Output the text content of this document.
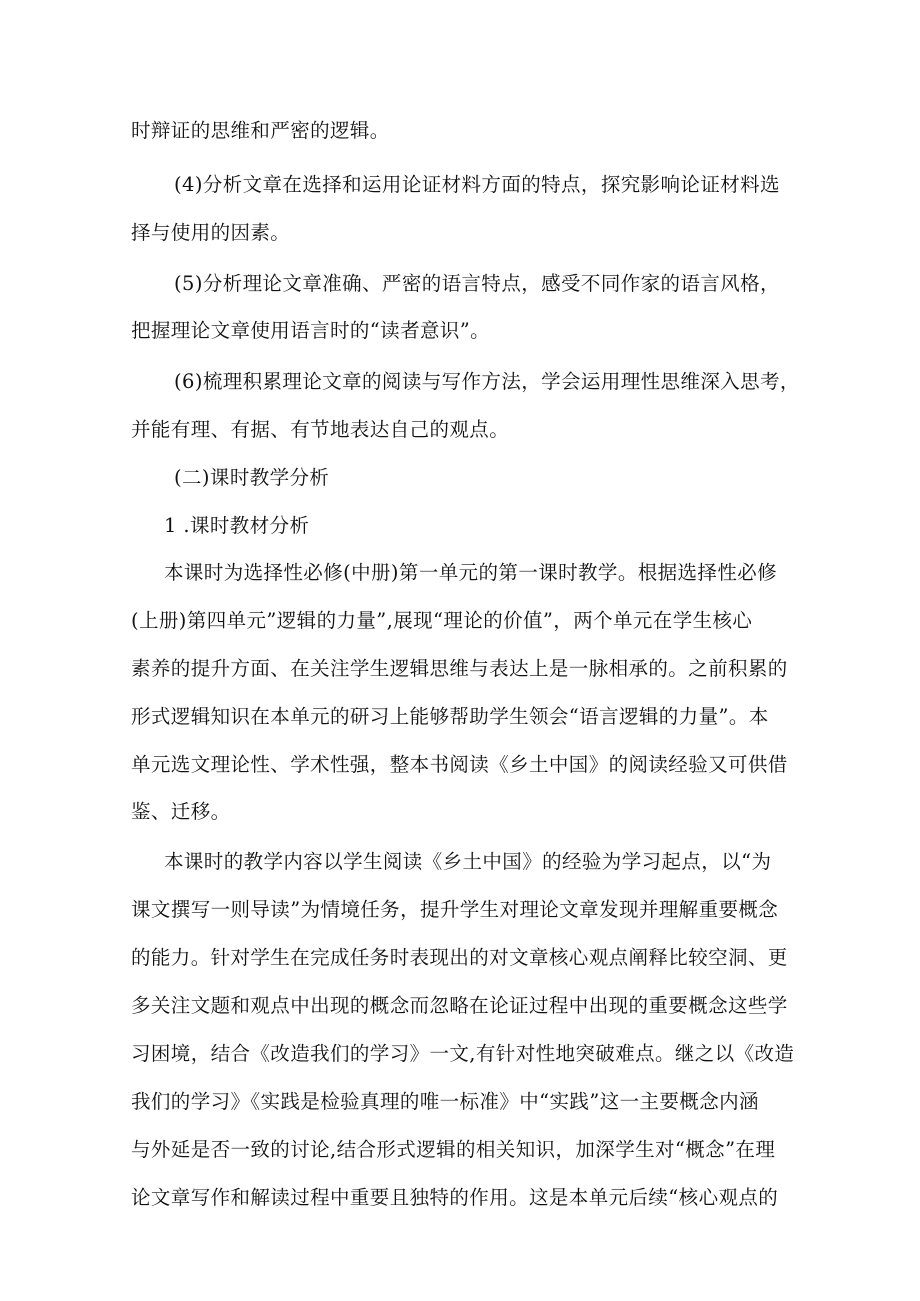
时辩证的思维和严密的逻辑。
(4)分析文章在选择和运用论证材料方面的特点，探究影响论证材料选
择与使用的因素。
(5)分析理论文章准确、严密的语言特点，感受不同作家的语言风格，
把握理论文章使用语言时的“读者意识”。
(6)梳理积累理论文章的阅读与写作方法，学会运用理性思维深入思考，
并能有理、有据、有节地表达自己的观点。
(二)课时教学分析
1 .课时教材分析
本课时为选择性必修(中册)第一单元的第一课时教学。根据选择性必修
(上册)第四单元”逻辑的力量”,展现“理论的价值”，两个单元在学生核心
素养的提升方面、在关注学生逻辑思维与表达上是一脉相承的。之前积累的
形式逻辑知识在本单元的研习上能够帮助学生领会“语言逻辑的力量”。本
单元选文理论性、学术性强，整本书阅读《乡土中国》的阅读经验又可供借
鉴、迁移。
本课时的教学内容以学生阅读《乡土中国》的经验为学习起点，以“为
课文撰写一则导读”为情境任务，提升学生对理论文章发现并理解重要概念
的能力。针对学生在完成任务时表现出的对文章核心观点阐释比较空洞、更
多关注文题和观点中出现的概念而忽略在论证过程中出现的重要概念这些学
习困境，结合《改造我们的学习》一文,有针对性地突破难点。继之以《改造
我们的学习》《实践是检验真理的唯一标准》中“实践”这一主要概念内涵
与外延是否一致的讨论,结合形式逻辑的相关知识，加深学生对“概念”在理
论文章写作和解读过程中重要且独特的作用。这是本单元后续“核心观点的
